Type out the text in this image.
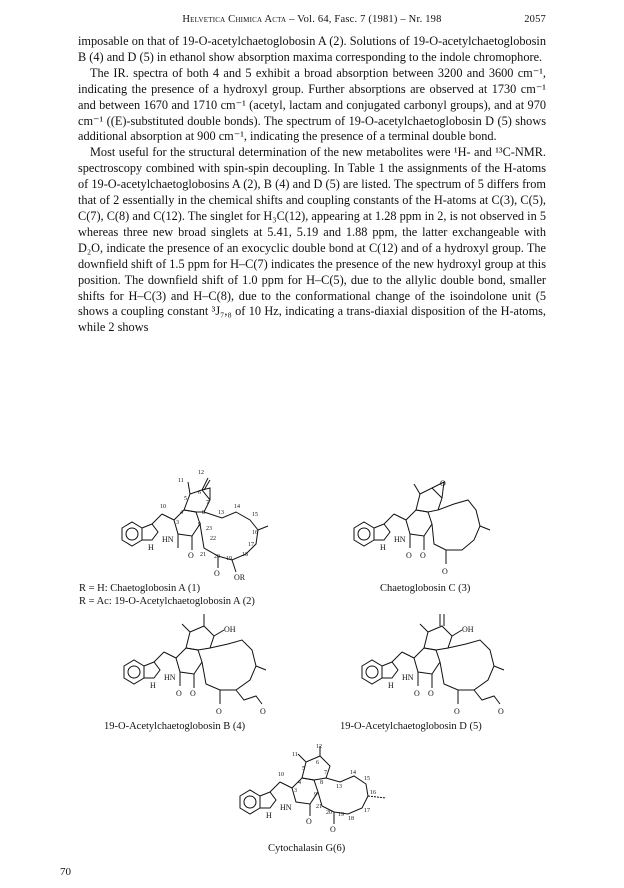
Helvetica Chimica Acta – Vol. 64, Fasc. 7 (1981) – Nr. 198	2057

imposable on that of 19-O-acetylchaetoglobosin A (2). Solutions of 19-O-acetylchaetoglobosin B (4) and D (5) in ethanol show absorption maxima corresponding to the indole chromophore.

The IR. spectra of both 4 and 5 exhibit a broad absorption between 3200 and 3600 cm⁻¹, indicating the presence of a hydroxyl group. Further absorptions are observed at 1730 cm⁻¹ and between 1670 and 1710 cm⁻¹ (acetyl, lactam and conjugated carbonyl groups), and at 970 cm⁻¹ ((E)-substituted double bonds). The spectrum of 19-O-acetylchaetoglobosin D (5) shows additional absorption at 900 cm⁻¹, indicating the presence of a terminal double bond.

Most useful for the structural determination of the new metabolites were ¹H- and ¹³C-NMR. spectroscopy combined with spin-spin decoupling. In Table 1 the assignments of the H-atoms of 19-O-acetylchaetoglobosins A (2), B (4) and D (5) are listed. The spectrum of 5 differs from that of 2 essentially in the chemical shifts and coupling constants of the H-atoms at C(3), C(5), C(7), C(8) and C(12). The singlet for H₃C(12), appearing at 1.28 ppm in 2, is not observed in 5 whereas three new broad singlets at 5.41, 5.19 and 1.88 ppm, the latter exchangeable with D₂O, indicate the presence of an exocyclic double bond at C(12) and of a hydroxyl group. The downfield shift of 1.5 ppm for H–C(7) indicates the presence of the new hydroxyl group at this position. The downfield shift of 1.0 ppm for H–C(5), due to the allylic double bond, smaller shifts for H–C(3) and H–C(8), due to the conformational change of the isoindolone unit (5 shows a coupling constant ³J₇,₈ of 10 Hz, indicating a trans-diaxial disposition of the H-atoms, while 2 shows

12
11
10
3
4
5
6
7
8
9
13
14
15
16
17
18
19
20
21
22
23
HN
H
O
O OR
R = H: Chaetoglobosin A (1)
R = Ac: 19-O-Acetylchaetoglobosin A (2)
O
HN
H
O O
O
Chaetoglobosin C (3)
OH
HN
H
O O
O	O
19-O-Acetylchaetoglobosin B (4)
OH
HN
H
O O
O	O
19-O-Acetylchaetoglobosin D (5)
12
11
10
3
4
5
6
7
8
9
13
14
15
16
17
18
19
20
21
HN
H
O
O
Cytochalasin G(6)
70
